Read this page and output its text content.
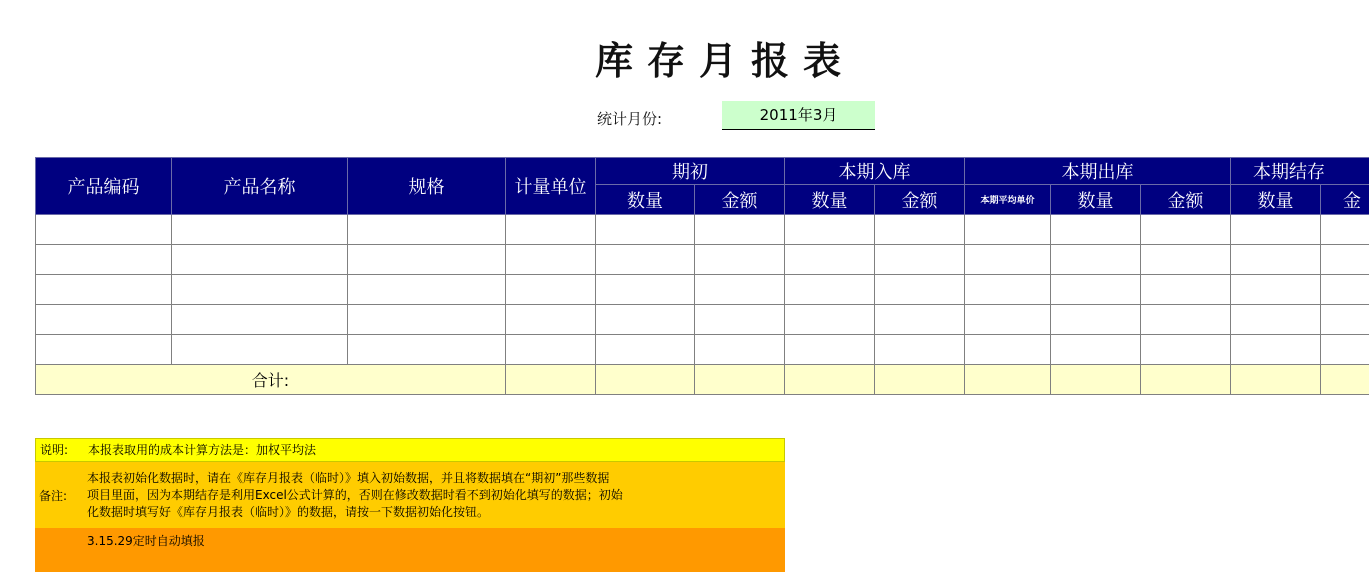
库存月报表
统计月份:	2011年3月
产品编码	产品名称	规格	计量单位	期初		本期入库		本期出库			本期结存	
				数量	金额	数量	金额	本期平均单价	数量	金额	数量	金

合计:												
说明:	本报表取用的成本计算方法是：加权平均法
备注:
本报表初始化数据时，请在《库存月报表（临时）》填入初始数据，并且将数据填在“期初”那些数据
项目里面，因为本期结存是利用Excel公式计算的，否则在修改数据时看不到初始化填写的数据；初始
化数据时填写好《库存月报表（临时）》的数据，请按一下数据初始化按钮。
3.15.29定时自动填报
